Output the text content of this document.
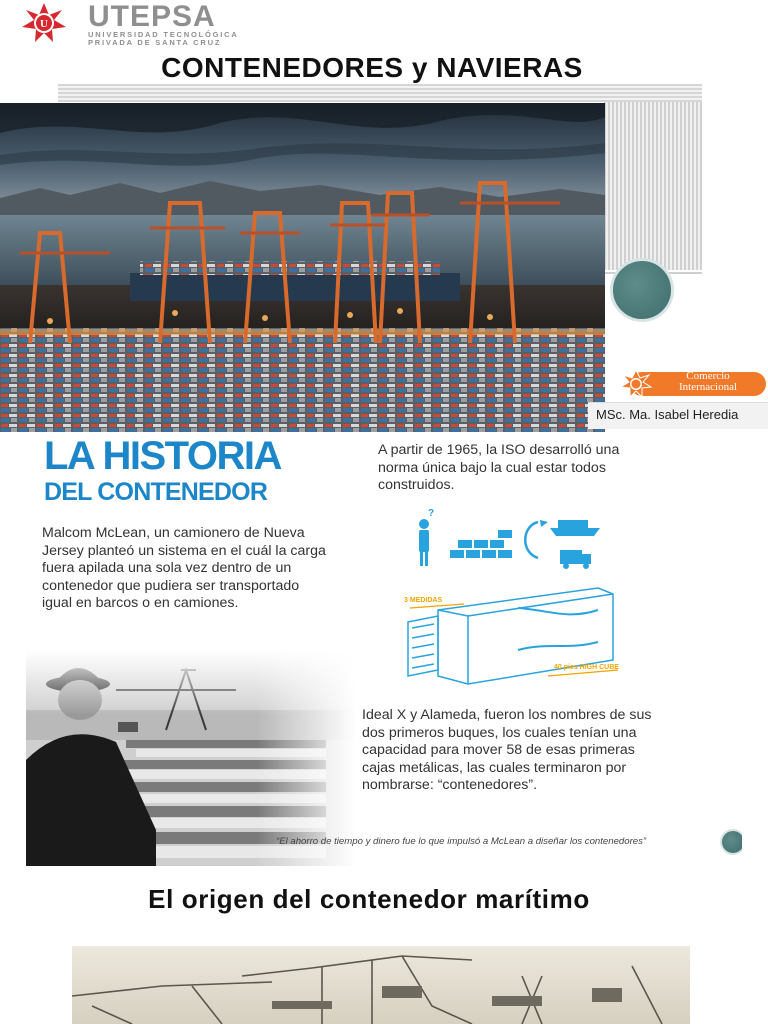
U UTEPSA
UNIVERSIDAD TECNOLÓGICA
PRIVADA DE SANTA CRUZ
CONTENEDORES y NAVIERAS
Comercio
Internacional
MSc. Ma. Isabel Heredia
LA HISTORIA
DEL CONTENEDOR
Malcom McLean, un camionero de Nueva Jersey planteó un sistema en el cuál la carga fuera apilada una sola vez dentro de un contenedor que pudiera ser transportado igual en barcos o en camiones.
A partir de 1965, la ISO desarrolló una norma única bajo la cual estar todos construidos.
?
3 MEDIDAS
40 pies HIGH CUBE
Ideal X y Alameda, fueron los nombres de sus dos primeros buques, los cuales tenían una capacidad para mover 58 de esas primeras cajas metálicas, las cuales terminaron por nombrarse: “contenedores”.
“El ahorro de tiempo y dinero fue lo que impulsó a McLean a diseñar los contenedores”
El origen del contenedor marítimo
